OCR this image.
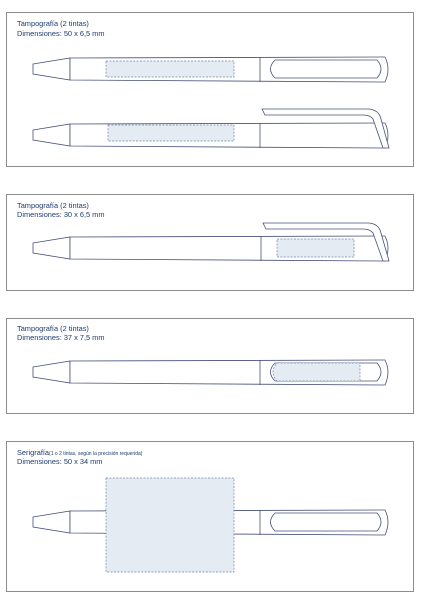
Tampografía (2 tintas)
Dimensiones: 50 x 6,5 mm
Tampografía (2 tintas)
Dimensiones: 30 x 6,5 mm
Tampografía (2 tintas)
Dimensiones: 37 x 7,5 mm
Serigrafía(1 o 2 tintas, según la precisión requerida)
Dimensiones: 50 x 34 mm
